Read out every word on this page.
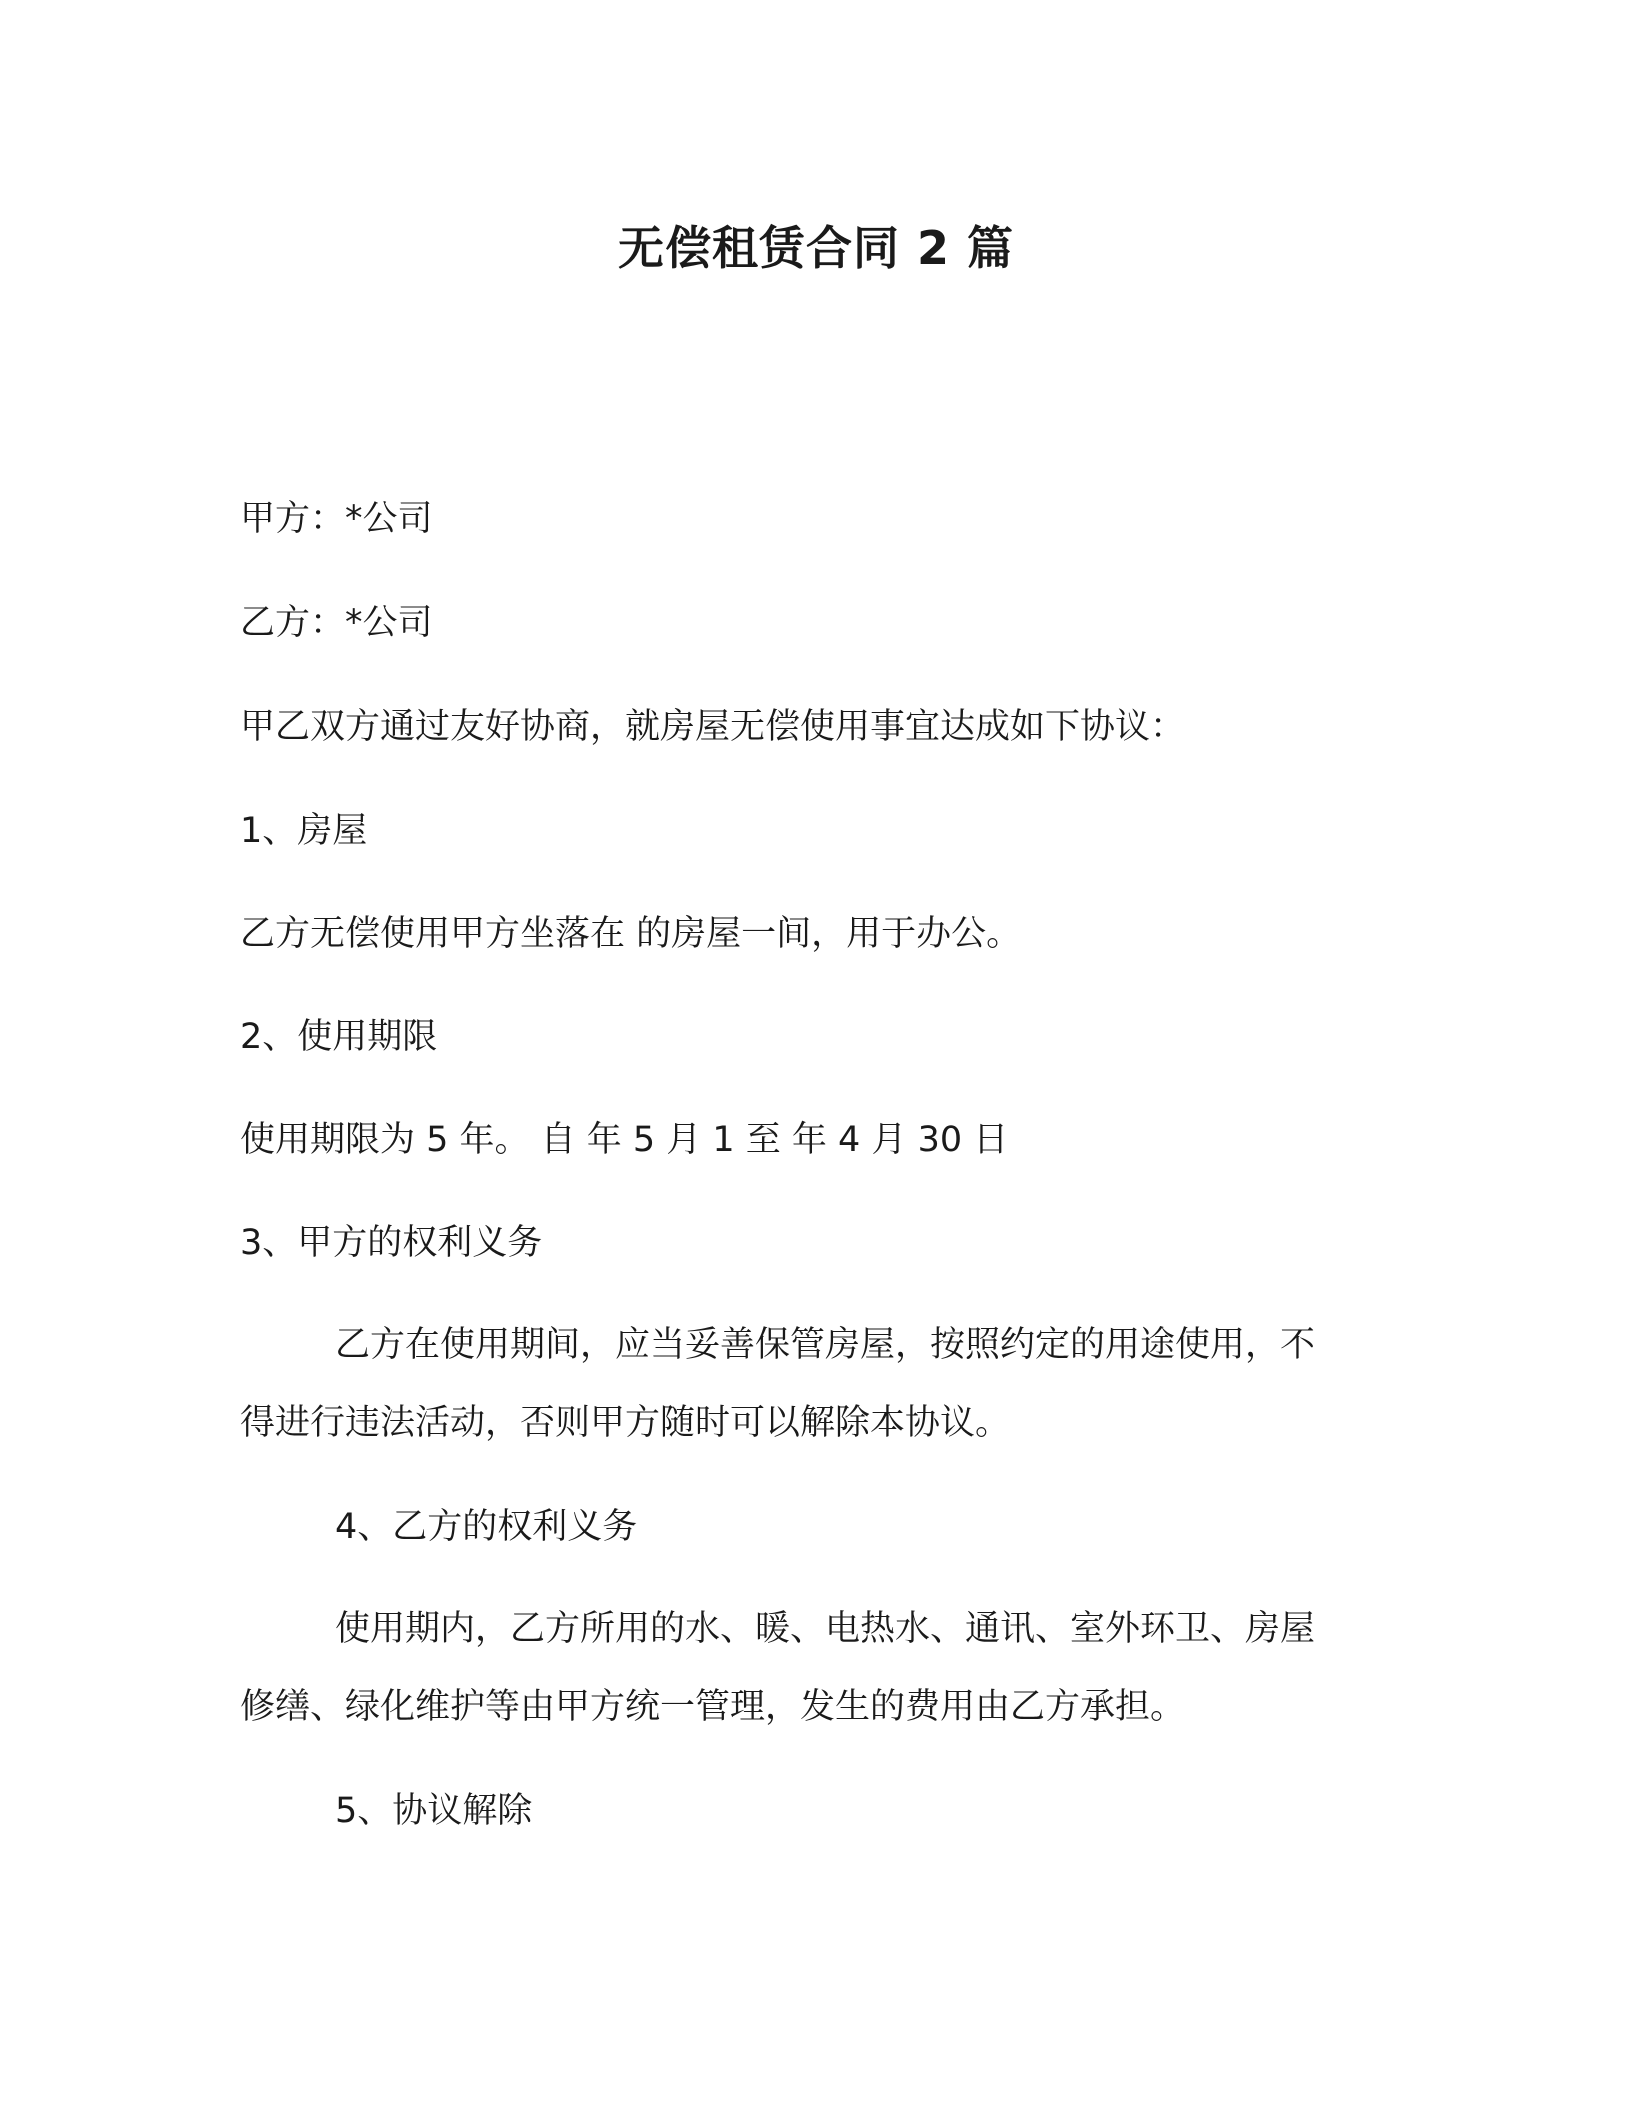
无偿租赁合同 2 篇

甲方：*公司

乙方：*公司

甲乙双方通过友好协商，就房屋无偿使用事宜达成如下协议：

1、房屋

乙方无偿使用甲方坐落在 的房屋一间，用于办公。

2、使用期限

使用期限为 5 年。 自 年 5 月 1 至 年 4 月 30 日

3、甲方的权利义务

乙方在使用期间，应当妥善保管房屋，按照约定的用途使用，不

得进行违法活动，否则甲方随时可以解除本协议。

4、乙方的权利义务

使用期内，乙方所用的水、暖、电热水、通讯、室外环卫、房屋

修缮、绿化维护等由甲方统一管理，发生的费用由乙方承担。

5、协议解除
